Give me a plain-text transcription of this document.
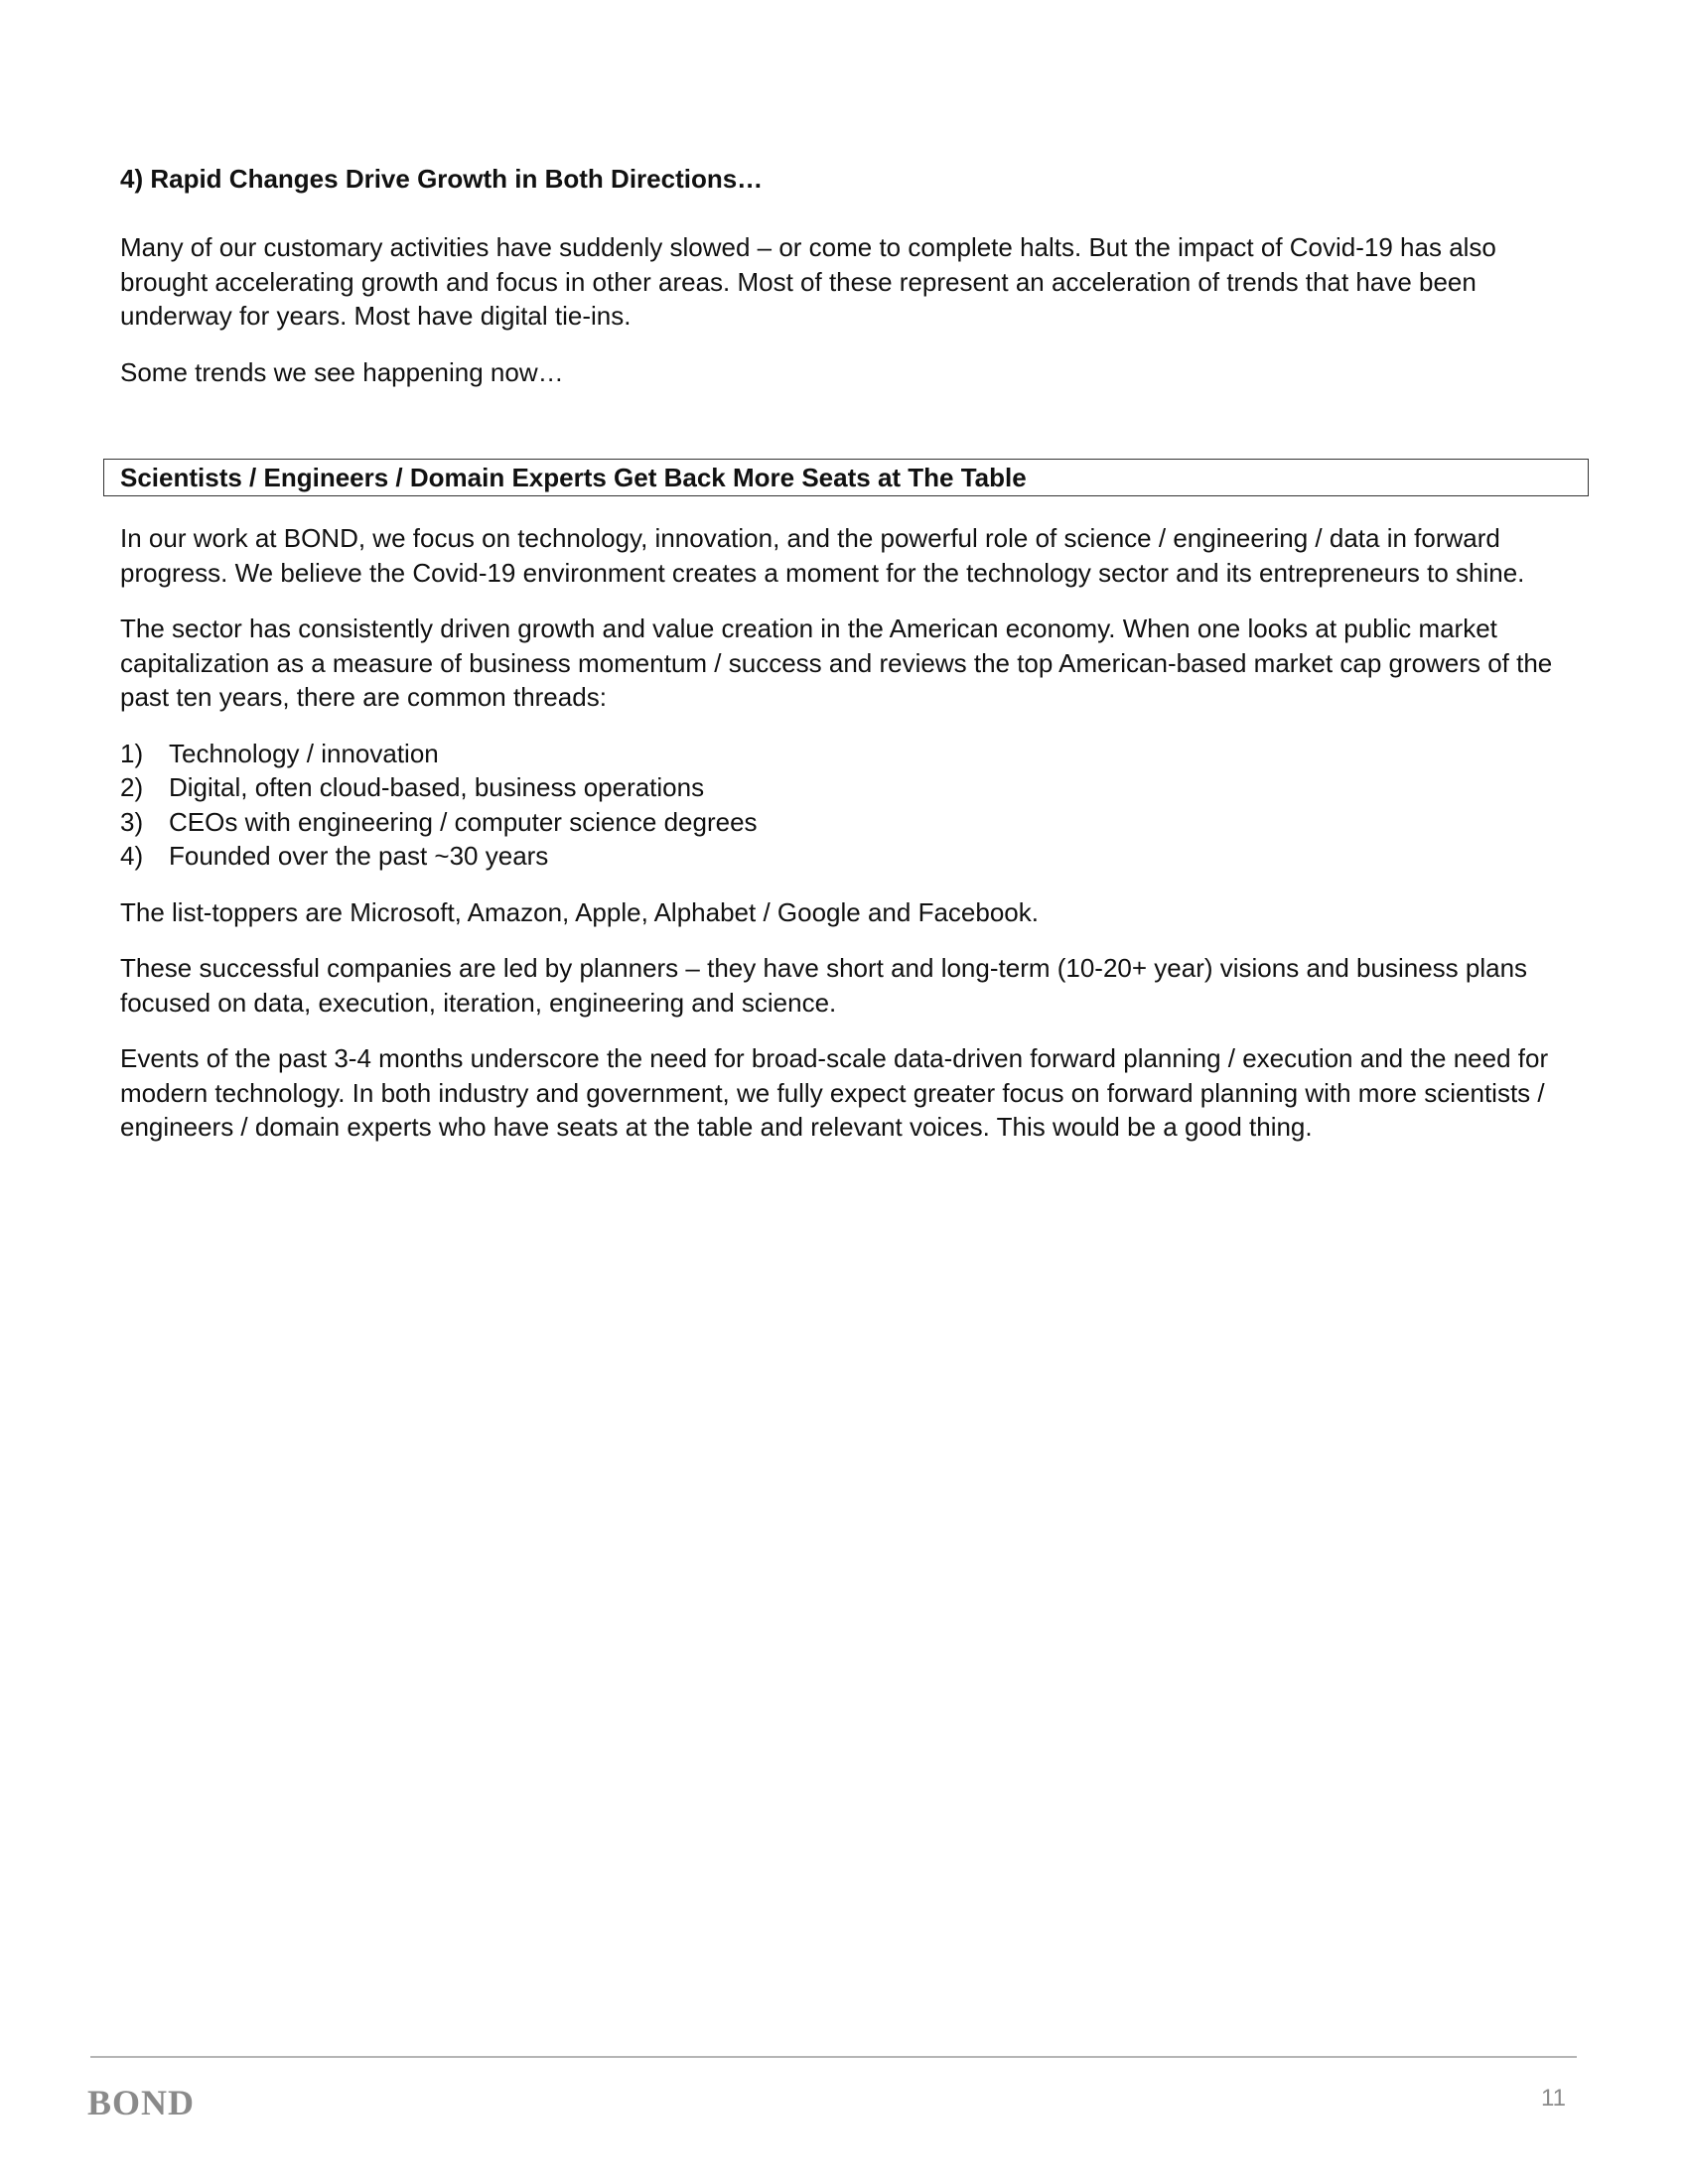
4) Rapid Changes Drive Growth in Both Directions…

Many of our customary activities have suddenly slowed – or come to complete halts. But the impact of Covid-19 has also brought accelerating growth and focus in other areas. Most of these represent an acceleration of trends that have been underway for years. Most have digital tie-ins.

Some trends we see happening now…

Scientists / Engineers / Domain Experts Get Back More Seats at The Table

In our work at BOND, we focus on technology, innovation, and the powerful role of science / engineering / data in forward progress. We believe the Covid-19 environment creates a moment for the technology sector and its entrepreneurs to shine.

The sector has consistently driven growth and value creation in the American economy. When one looks at public market capitalization as a measure of business momentum / success and reviews the top American-based market cap growers of the past ten years, there are common threads:

1) Technology / innovation
2) Digital, often cloud-based, business operations
3) CEOs with engineering / computer science degrees
4) Founded over the past ~30 years

The list-toppers are Microsoft, Amazon, Apple, Alphabet / Google and Facebook.

These successful companies are led by planners – they have short and long-term (10-20+ year) visions and business plans focused on data, execution, iteration, engineering and science.

Events of the past 3-4 months underscore the need for broad-scale data-driven forward planning / execution and the need for modern technology. In both industry and government, we fully expect greater focus on forward planning with more scientists / engineers / domain experts who have seats at the table and relevant voices. This would be a good thing.

BOND	11
